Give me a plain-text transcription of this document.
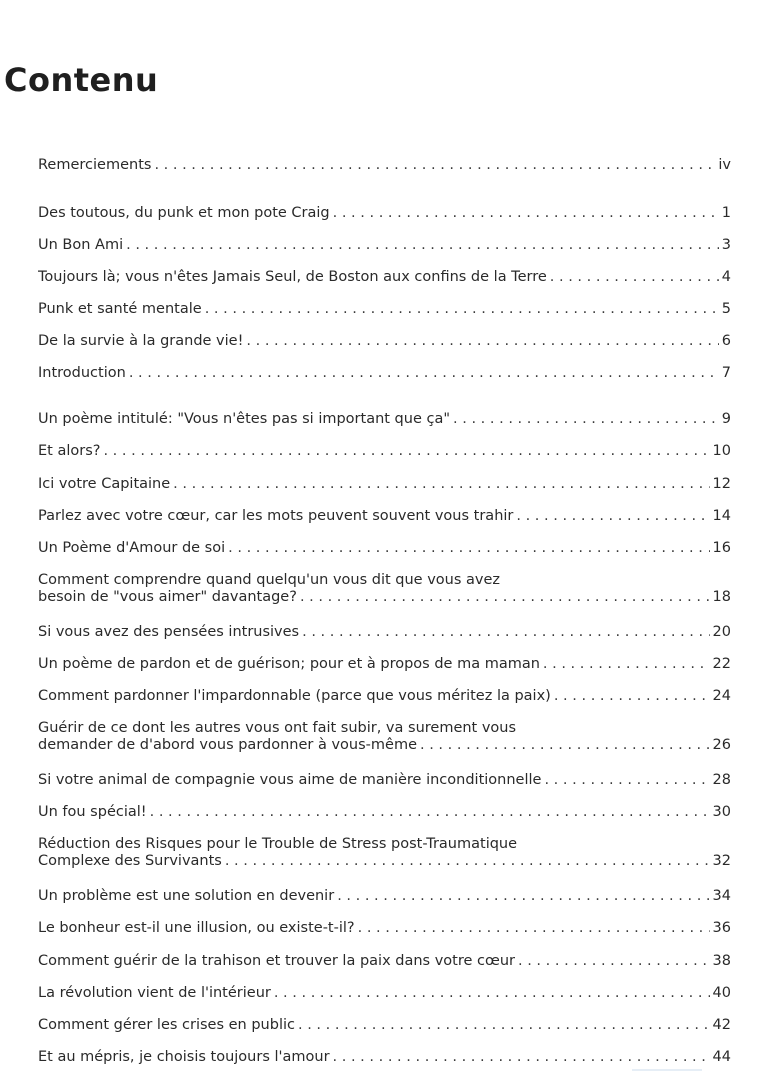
Contenu
Remerciements . . .	iv
Des toutous, du punk et mon pote Craig . . .	1
Un Bon Ami . . .	3
Toujours là; vous n'êtes Jamais Seul, de Boston aux confins de la Terre . . .	4
Punk et santé mentale . . .	5
De la survie à la grande vie! . . .	6
Introduction . . .	7
Un poème intitulé: "Vous n'êtes pas si important que ça" . . .	9
Et alors? . . .	10
Ici votre Capitaine . . .	12
Parlez avec votre cœur, car les mots peuvent souvent vous trahir . . .	14
Un Poème d'Amour de soi . . .	16
Comment comprendre quand quelqu'un vous dit que vous avez
besoin de "vous aimer" davantage? . . .	18
Si vous avez des pensées intrusives . . .	20
Un poème de pardon et de guérison; pour et à propos de ma maman . . .	22
Comment pardonner l'impardonnable (parce que vous méritez la paix) . . .	24
Guérir de ce dont les autres vous ont fait subir, va surement vous
demander de d'abord vous pardonner à vous-même . . .	26
Si votre animal de compagnie vous aime de manière inconditionnelle . . .	28
Un fou spécial! . . .	30
Réduction des Risques pour le Trouble de Stress post-Traumatique
Complexe des Survivants . . .	32
Un problème est une solution en devenir . . .	34
Le bonheur est-il une illusion, ou existe-t-il? . . .	36
Comment guérir de la trahison et trouver la paix dans votre cœur . . .	38
La révolution vient de l'intérieur . . .	40
Comment gérer les crises en public . . .	42
Et au mépris, je choisis toujours l'amour . . .	44
